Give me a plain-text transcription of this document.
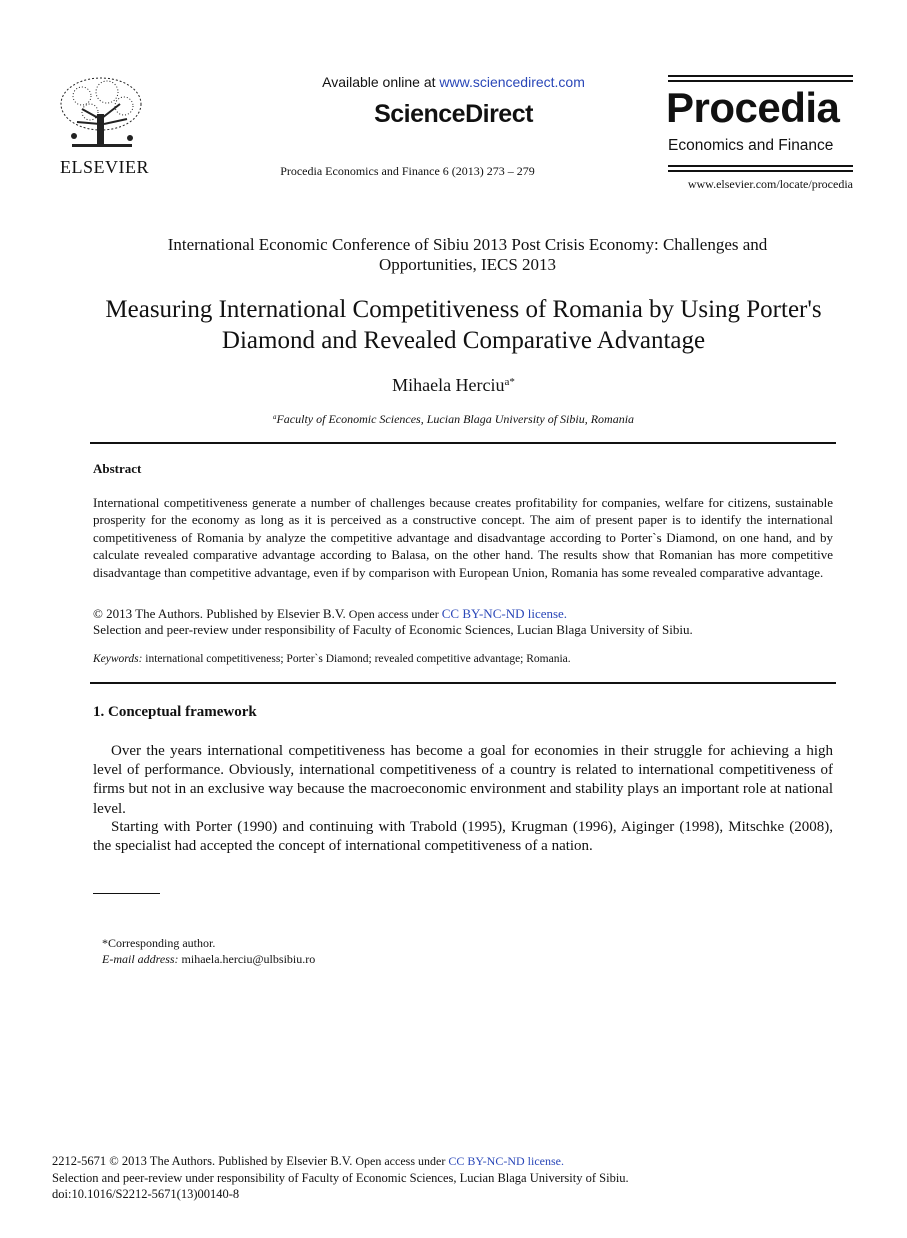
ELSEVIER
Available online at www.sciencedirect.com
ScienceDirect
Procedia Economics and Finance 6 (2013) 273 – 279
Procedia
Economics and Finance
www.elsevier.com/locate/procedia
International Economic Conference of Sibiu 2013 Post Crisis Economy: Challenges and Opportunities, IECS 2013
Measuring International Competitiveness of Romania by Using Porter's Diamond and Revealed Comparative Advantage
Mihaela Herciu$^{a*}$
$^a$Faculty of Economic Sciences, Lucian Blaga University of Sibiu, Romania
Abstract
International competitiveness generate a number of challenges because creates profitability for companies, welfare for citizens, sustainable prosperity for the economy as long as it is perceived as a constructive concept. The aim of present paper is to identify the international competitiveness of Romania by analyze the competitive advantage and disadvantage according to Porter`s Diamond, on one hand, and by calculate revealed comparative advantage according to Balasa, on the other hand. The results show that Romanian has more competitive disadvantage than competitive advantage, even if by comparison with European Union, Romania has some revealed comparative advantage.
© 2013 The Authors. Published by Elsevier B.V. Open access under CC BY-NC-ND license.
Selection and peer-review under responsibility of Faculty of Economic Sciences, Lucian Blaga University of Sibiu.
Keywords: international competitiveness; Porter`s Diamond; revealed competitive advantage; Romania.
1. Conceptual framework
Over the years international competitiveness has become a goal for economies in their struggle for achieving a high level of performance. Obviously, international competitiveness of a country is related to international competitiveness of firms but not in an exclusive way because the macroeconomic environment and stability plays an important role at national level.
Starting with Porter (1990) and continuing with Trabold (1995), Krugman (1996), Aiginger (1998), Mitschke (2008), the specialist had accepted the concept of international competitiveness of a nation.
*Corresponding author.
E-mail address: mihaela.herciu@ulbsibiu.ro
2212-5671 © 2013 The Authors. Published by Elsevier B.V. Open access under CC BY-NC-ND license.
Selection and peer-review under responsibility of Faculty of Economic Sciences, Lucian Blaga University of Sibiu.
doi:10.1016/S2212-5671(13)00140-8
